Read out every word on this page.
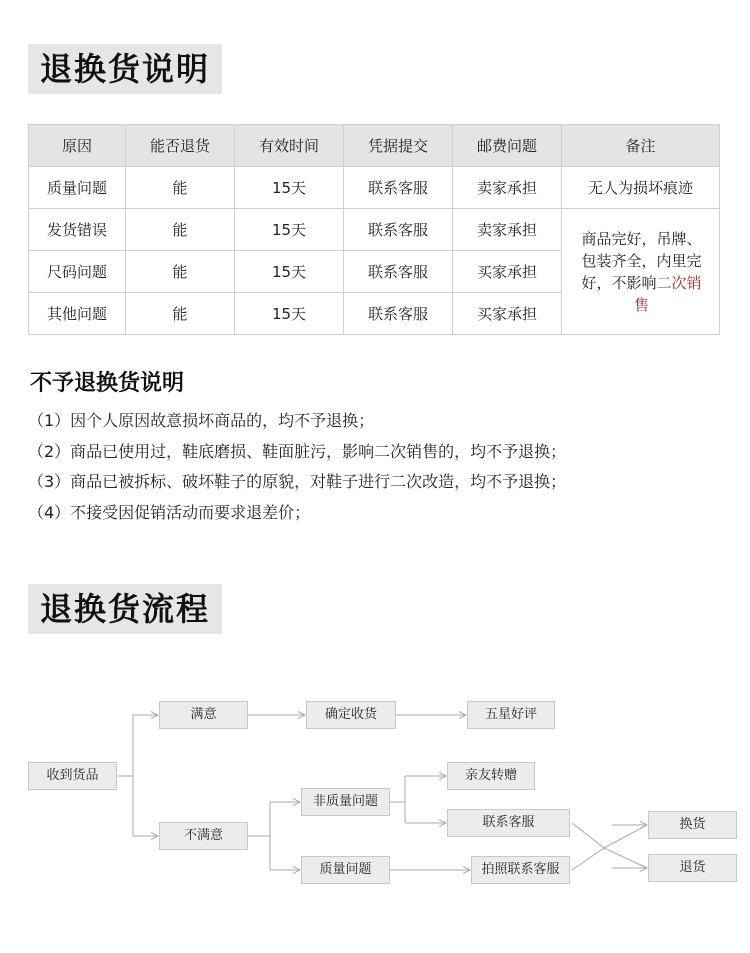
退换货说明
原因	能否退货	有效时间	凭据提交	邮费问题	备注
质量问题	能	15天	联系客服	卖家承担	无人为损坏痕迹
发货错误	能	15天	联系客服	卖家承担	商品完好，吊牌、包装齐全，内里完好，不影响二次销售
尺码问题	能	15天	联系客服	买家承担	
其他问题	能	15天	联系客服	买家承担	
不予退换货说明
（1）因个人原因故意损坏商品的，均不予退换；
（2）商品已使用过，鞋底磨损、鞋面脏污，影响二次销售的，均不予退换；
（3）商品已被拆标、破坏鞋子的原貌，对鞋子进行二次改造，均不予退换；
（4）不接受因促销活动而要求退差价；
退换货流程
收到货品
满意	确定收货	五星好评
不满意
非质量问题
亲友转赠
联系客服
质量问题	拍照联系客服
换货
退货
